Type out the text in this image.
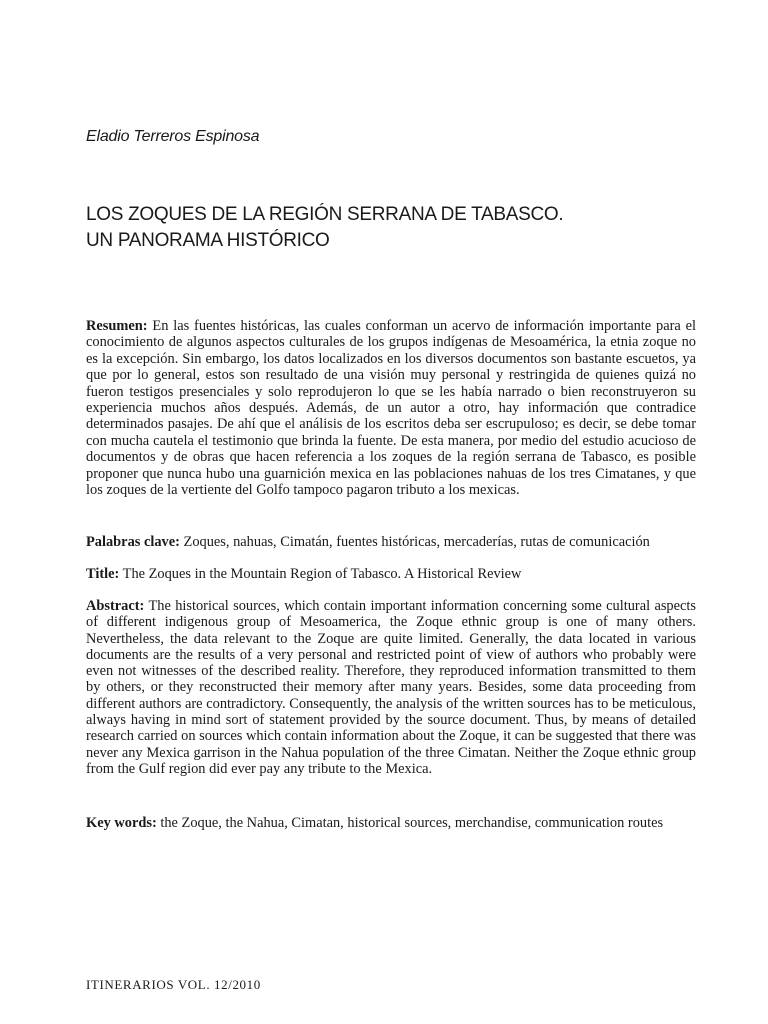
Eladio Terreros Espinosa
LOS ZOQUES DE LA REGIÓN SERRANA DE TABASCO.
UN PANORAMA HISTÓRICO
Resumen: En las fuentes históricas, las cuales conforman un acervo de información importante para el conocimiento de algunos aspectos culturales de los grupos indígenas de Mesoamérica, la etnia zoque no es la excepción. Sin embargo, los datos localizados en los diversos documentos son bastante escuetos, ya que por lo general, estos son resultado de una visión muy personal y restringida de quienes quizá no fueron testigos presenciales y solo reprodujeron lo que se les había narrado o bien reconstruyeron su experiencia muchos años después. Además, de un autor a otro, hay información que contradice determinados pasajes. De ahí que el análisis de los escritos deba ser escrupuloso; es decir, se debe tomar con mucha cautela el testimonio que brinda la fuente. De esta manera, por medio del estudio acucioso de documentos y de obras que hacen referencia a los zoques de la región serrana de Tabasco, es posible proponer que nunca hubo una guarnición mexica en las poblaciones nahuas de los tres Cimatanes, y que los zoques de la vertiente del Golfo tampoco pagaron tributo a los mexicas.
Palabras clave: Zoques, nahuas, Cimatán, fuentes históricas, mercaderías, rutas de comunicación
Title: The Zoques in the Mountain Region of Tabasco. A Historical Review
Abstract: The historical sources, which contain important information concerning some cultural aspects of different indigenous group of Mesoamerica, the Zoque ethnic group is one of many others. Nevertheless, the data relevant to the Zoque are quite limited. Generally, the data located in various documents are the results of a very personal and restricted point of view of authors who probably were even not witnesses of the described reality. Therefore, they reproduced information transmitted to them by others, or they reconstructed their memory after many years. Besides, some data proceeding from different authors are contradictory. Consequently, the analysis of the written sources has to be meticulous, always having in mind sort of statement provided by the source document. Thus, by means of detailed research carried on sources which contain information about the Zoque, it can be suggested that there was never any Mexica garrison in the Nahua population of the three Cimatan. Neither the Zoque ethnic group from the Gulf region did ever pay any tribute to the Mexica.
Key words: the Zoque, the Nahua, Cimatan, historical sources, merchandise, communication routes
ITINERARIOS VOL. 12/2010
